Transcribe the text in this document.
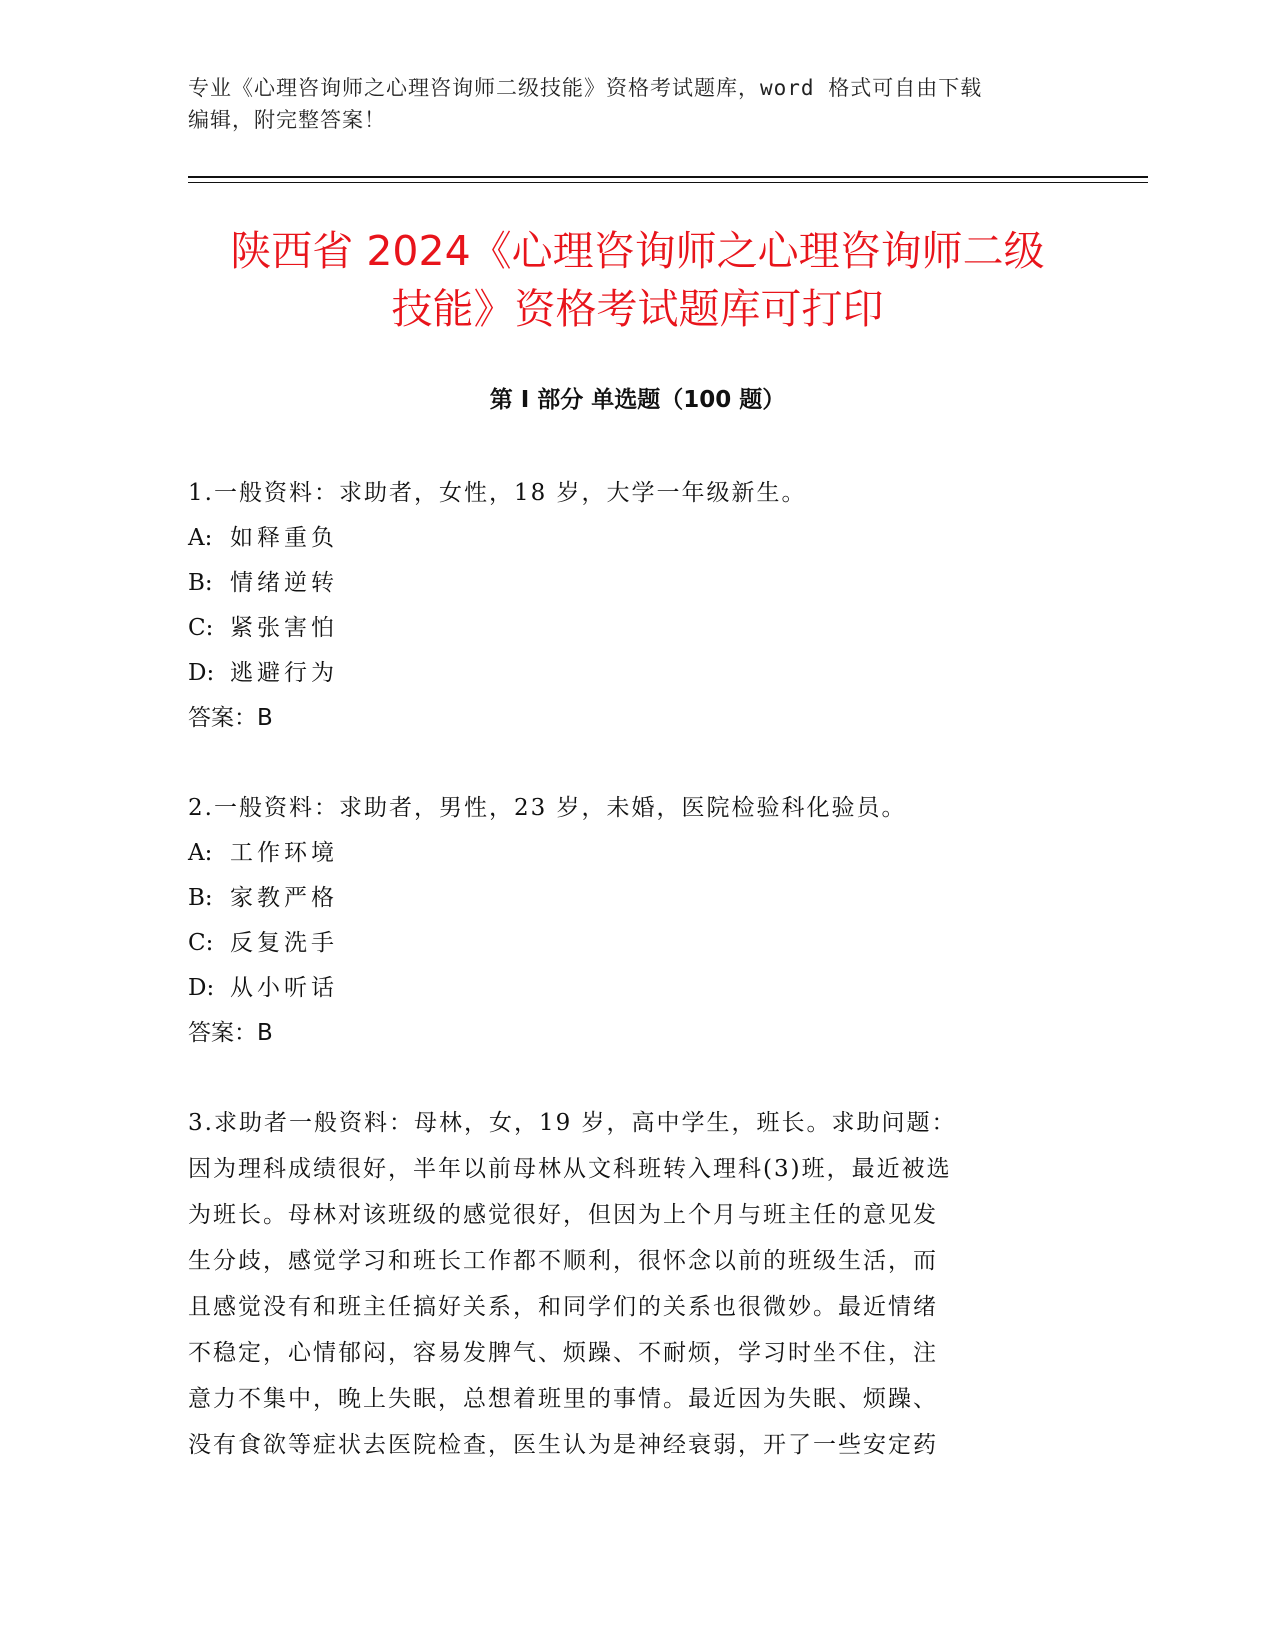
专业《心理咨询师之心理咨询师二级技能》资格考试题库，word 格式可自由下载
编辑，附完整答案！
陕西省 2024《心理咨询师之心理咨询师二级
技能》资格考试题库可打印
第 I 部分 单选题（100 题）

1.一般资料：求助者，女性，18 岁，大学一年级新生。

A: 如释重负

B: 情绪逆转

C: 紧张害怕

D: 逃避行为

答案：B

2.一般资料：求助者，男性，23 岁，未婚，医院检验科化验员。

A: 工作环境

B: 家教严格

C: 反复洗手

D: 从小听话

答案：B

3.求助者一般资料：母林，女，19 岁，高中学生，班长。求助问题：

因为理科成绩很好，半年以前母林从文科班转入理科(3)班，最近被选

为班长。母林对该班级的感觉很好，但因为上个月与班主任的意见发

生分歧，感觉学习和班长工作都不顺利，很怀念以前的班级生活，而

且感觉没有和班主任搞好关系，和同学们的关系也很微妙。最近情绪

不稳定，心情郁闷，容易发脾气、烦躁、不耐烦，学习时坐不住，注

意力不集中，晚上失眠，总想着班里的事情。最近因为失眠、烦躁、

没有食欲等症状去医院检查，医生认为是神经衰弱，开了一些安定药
